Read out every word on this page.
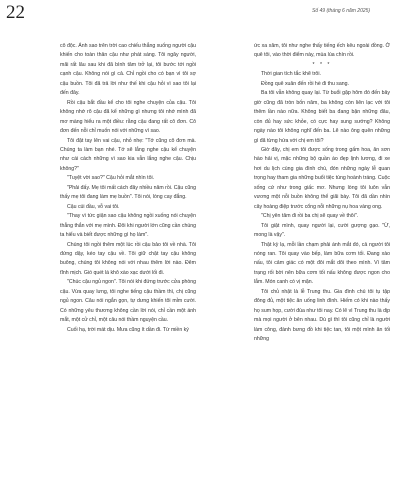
22	Số 49 (tháng 6 năm 2025)

cô độc. Ánh sao trên trời cao chiếu thẳng xuống người cậu khiến cho toàn thân cậu như phát sáng. Tôi ngây người, mãi rất lâu sau khi đã bình tâm trở lại, tôi bước tới ngồi cạnh cậu. Không nói gì cả. Chỉ ngồi cho có bạn vì tôi sợ cậu buồn. Tôi đã trả lời như thế khi cậu hỏi vì sao tôi lại đến đây.

Rồi cậu bắt đầu kể cho tôi nghe chuyện của cậu. Tôi không nhớ rõ cậu đã kể những gì nhưng tôi nhớ mình đã mơ màng hiểu ra một điều: rằng cậu đang rất cô đơn. Cô đơn đến nỗi chỉ muốn nói với những vì sao.

Tôi đặt tay lên vai cậu, nhỏ nhẹ: "Tớ cũng cô đơn mà. Chúng ta làm bạn nhé. Tớ sẽ lắng nghe cậu kể chuyện như cái cách những vì sao kia vẫn lắng nghe cậu. Chịu không?"

"Tuyệt vời sao?" Cậu hỏi mắt nhìn tôi.

"Phải đấy. Mẹ tôi mất cách đây nhiều năm rồi. Cậu cũng thấy mẹ tôi đang làm mẹ buồn". Tôi nói, lòng cay đắng.

Cậu cúi đầu, vỗ vai tôi.

"Thay vì tức giận sao cậu không ngồi xuống nói chuyện thẳng thắn với mẹ mình. Đôi khi người lớn cũng cần chúng ta hiểu và biết được những gì họ làm".

Chúng tôi ngồi thêm một lúc rồi cậu bảo tôi về nhà. Tôi đứng dậy, kéo tay cậu về. Tôi giữ chặt tay cậu không buông, chúng tôi không nói với nhau thêm lời nào. Đêm tĩnh mịch. Gió quét lá khô xào xạc dưới lối đi.

"Chúc cậu ngủ ngon". Tôi nói khi đứng trước cửa phòng cậu. Vừa quay lưng, tôi nghe tiếng cậu thầm thì, chị cũng ngủ ngon. Câu nói ngắn gọn, tự dưng khiến tôi mỉm cười. Có những yêu thương không cần lời nói, chỉ cần một ánh mắt, một cử chỉ, một câu nói thầm nguyện cầu.

Cuối hạ, trời mát dịu. Mưa cũng ít dần đi. Từ miền ký

ức xa xăm, tôi như nghe thấy tiếng ếch kêu ngoài đồng. Ở quê tôi, vào thời điểm này, mùa lúa chín rồi.

* * *

Thời gian tích tắc khẽ trôi.

Đồng quê xuân đến rồi hè đi thu sang.

Ba tôi vẫn không quay lại. Từ buổi gặp hôm đó đến bây giờ cũng đã tròn bốn năm, ba không còn liên lạc với tôi thêm lần nào nữa. Không biết ba đang bận những đâu, còn đủ hay sức khỏe, có cực hay sung sướng? Không ngày nào tôi không nghĩ đến ba. Lẽ nào ông quên những gì đã từng hứa với chị em tôi?

Giờ đây, chị em tôi được sống trong gấm hoa, ăn sơn hào hải vị, mặc những bộ quần áo đẹp lịnh lương, đi xe hơi du lịch cùng gia đình chú, đón những ngày lễ quan trọng hay tham gia những buổi tiệc tùng hoành tráng. Cuộc sống cứ như trong giấc mơ. Nhưng lòng tôi luôn vẫn vương một nỗi buồn không thể giãi bày. Tôi đã dần nhìn cây hoàng điệp trước cổng nỗi những nụ hoa vàng ong.

"Chị yên tâm đi rồi ba chị sẽ quay về thôi".

Tôi giật mình, quay người lại, cười gượng gạo. "Ừ, mong là vậy".

Thật kỳ lạ, mỗi lần chạm phải ánh mắt đó, cả người tôi nóng ran. Tôi quay vào bếp, làm bữa cơm tối. Đang xào nấu, tôi cảm giác có một đôi mắt dõi theo mình. Vì tâm trạng rối bời nên bữa cơm tối nấu không được ngon cho lắm. Món canh có vị mặn.

Tôi chủ nhật là lễ Trung thu. Gia đình chú tôi tụ tập đông đủ, một tiệc ăn uống linh đình. Hiếm có khi nào thấy họ sum họp, cười đùa như tôi nay. Có lẽ vì Trung thu là dịp mà mọi người ở bên nhau. Dù gì thì tôi cũng chỉ là người làm công, đành bưng đồ khi tiệc tan, tôi một mình ăn tối những
